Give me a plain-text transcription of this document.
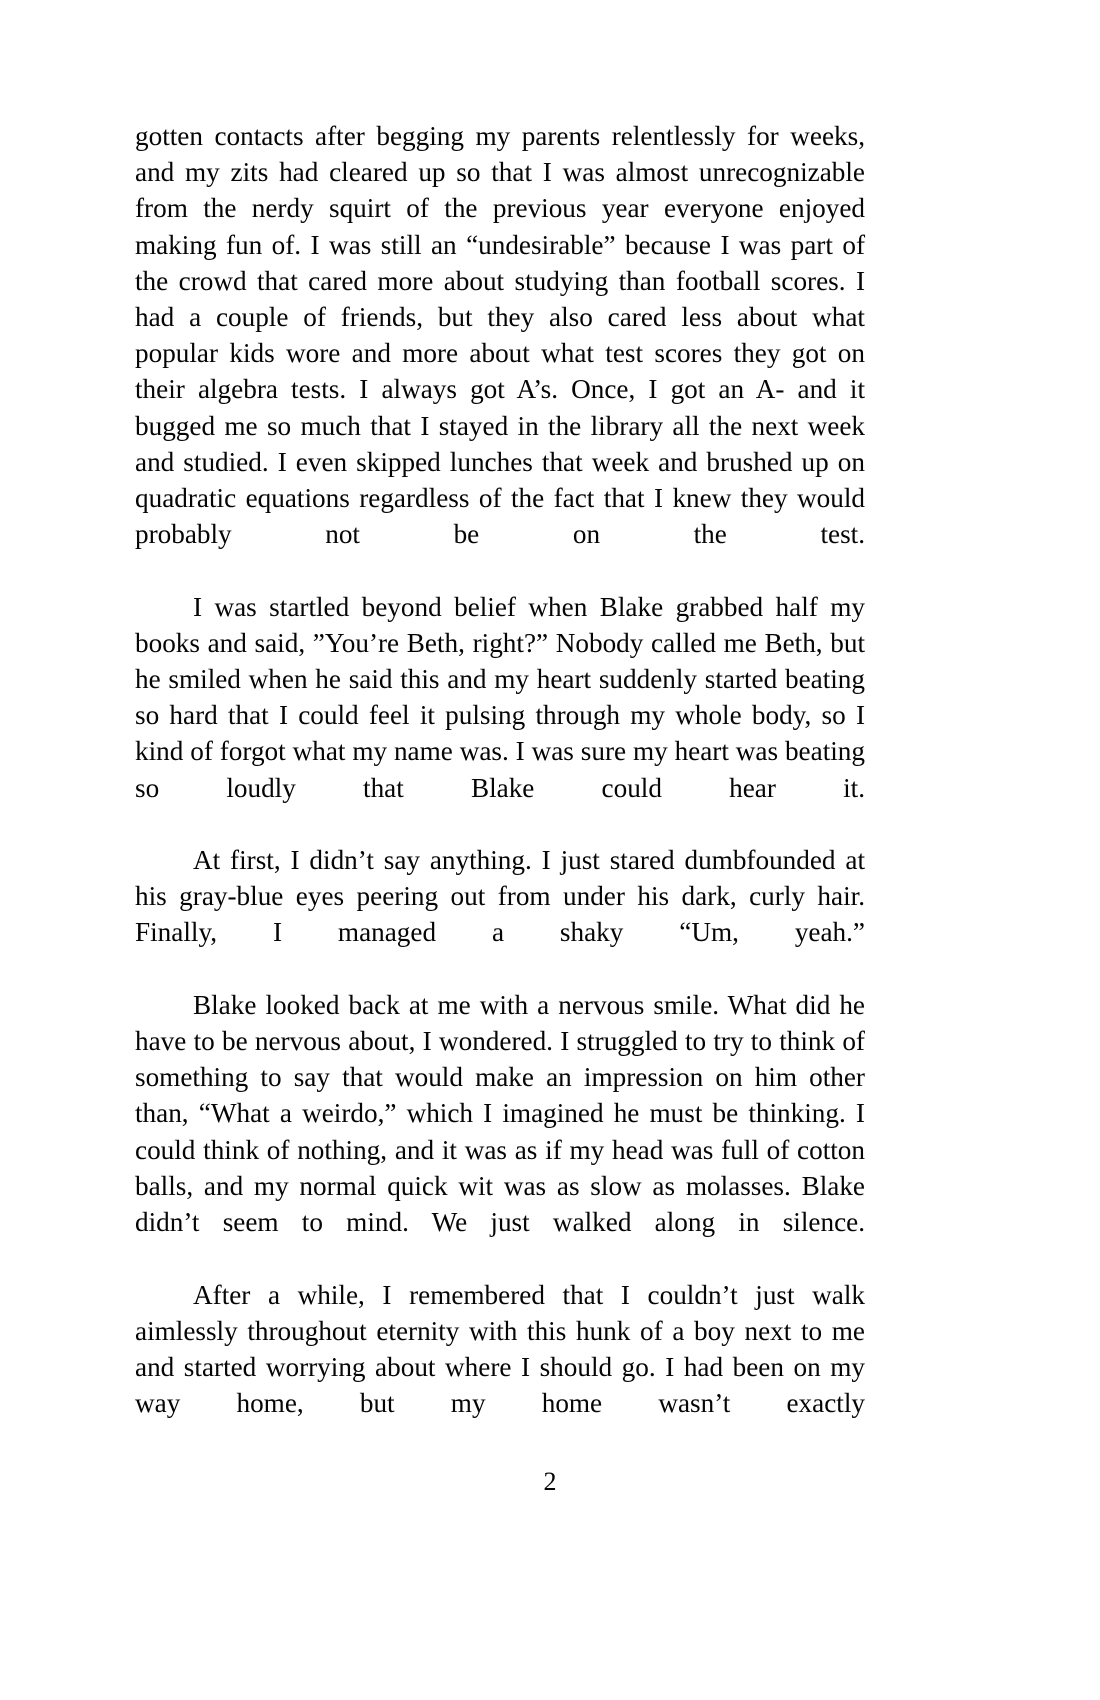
gotten contacts after begging my parents relentlessly for weeks, and my zits had cleared up so that I was almost unrecognizable from the nerdy squirt of the previous year everyone enjoyed making fun of. I was still an “undesirable” because I was part of the crowd that cared more about studying than football scores. I had a couple of friends, but they also cared less about what popular kids wore and more about what test scores they got on their algebra tests. I always got A’s. Once, I got an A- and it bugged me so much that I stayed in the library all the next week and studied. I even skipped lunches that week and brushed up on quadratic equations regardless of the fact that I knew they would probably not be on the test.

I was startled beyond belief when Blake grabbed half my books and said, ”You’re Beth, right?” Nobody called me Beth, but he smiled when he said this and my heart suddenly started beating so hard that I could feel it pulsing through my whole body, so I kind of forgot what my name was. I was sure my heart was beating so loudly that Blake could hear it.

At first, I didn’t say anything. I just stared dumbfounded at his gray-blue eyes peering out from under his dark, curly hair. Finally, I managed a shaky “Um, yeah.”

Blake looked back at me with a nervous smile. What did he have to be nervous about, I wondered. I struggled to try to think of something to say that would make an impression on him other than, “What a weirdo,” which I imagined he must be thinking. I could think of nothing, and it was as if my head was full of cotton balls, and my normal quick wit was as slow as molasses. Blake didn’t seem to mind. We just walked along in silence.

After a while, I remembered that I couldn’t just walk aimlessly throughout eternity with this hunk of a boy next to me and started worrying about where I should go. I had been on my way home, but my home wasn’t exactly

2
